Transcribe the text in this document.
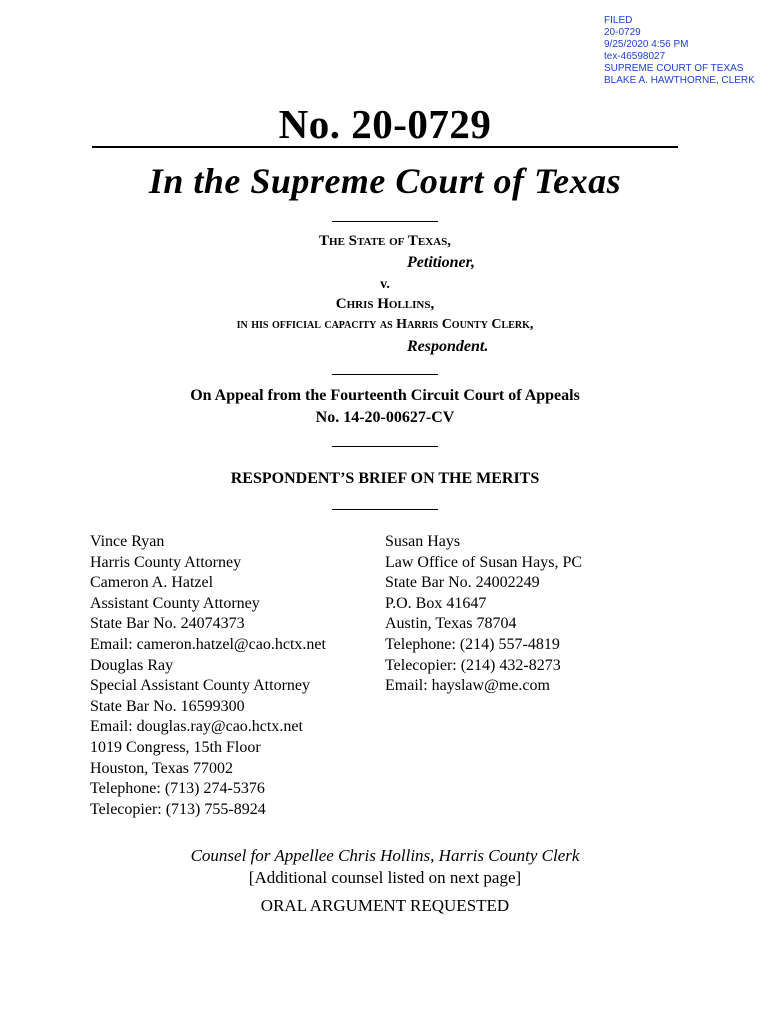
FILED
20-0729
9/25/2020 4:56 PM
tex-46598027
SUPREME COURT OF TEXAS
BLAKE A. HAWTHORNE, CLERK
No. 20-0729
In the Supreme Court of Texas
The State of Texas,
Petitioner,
v.
Chris Hollins,
in his official capacity as Harris County Clerk,
Respondent.
On Appeal from the Fourteenth Circuit Court of Appeals
No. 14-20-00627-CV
RESPONDENT’S BRIEF ON THE MERITS
Vince Ryan
Harris County Attorney
Cameron A. Hatzel
Assistant County Attorney
State Bar No. 24074373
Email: cameron.hatzel@cao.hctx.net
Douglas Ray
Special Assistant County Attorney
State Bar No. 16599300
Email: douglas.ray@cao.hctx.net
1019 Congress, 15th Floor
Houston, Texas 77002
Telephone: (713) 274-5376
Telecopier: (713) 755-8924
Susan Hays
Law Office of Susan Hays, PC
State Bar No. 24002249
P.O. Box 41647
Austin, Texas 78704
Telephone: (214) 557-4819
Telecopier: (214) 432-8273
Email: hayslaw@me.com
Counsel for Appellee Chris Hollins, Harris County Clerk
[Additional counsel listed on next page]
ORAL ARGUMENT REQUESTED
